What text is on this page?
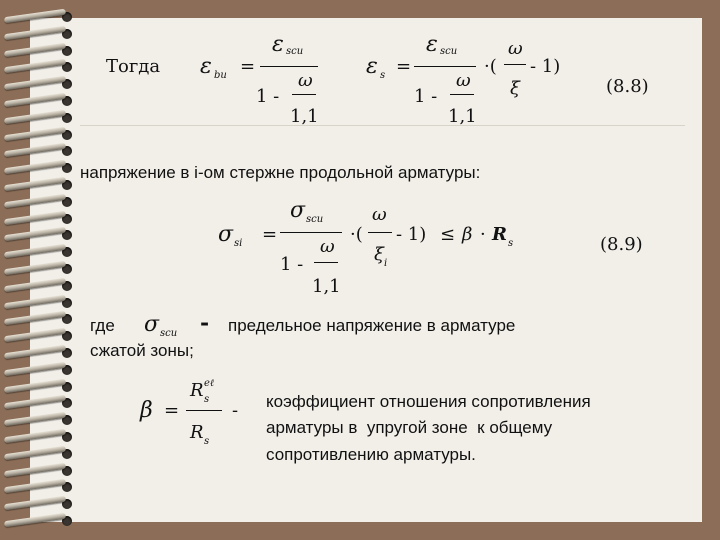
Тогда ε bu =
ε scu
1 -
ω
1,1
ε s =
ε scu
1 -
ω
1,1
·(
ω
ξ
- 1)
(8.8)
напряжение в i-ом стержне продольной арматуры:
σ si =
σ scu
1 -
ω
1,1
·(
ω
ξ i
- 1) ≤ β · R s	(8.9)
где σ scu - предельное напряжение в арматуре
сжатой зоны;
β =
R eℓ
s
R s
- коэффициент отношения сопротивления
арматуры в  упругой зоне  к общему
сопротивлению арматуры.
